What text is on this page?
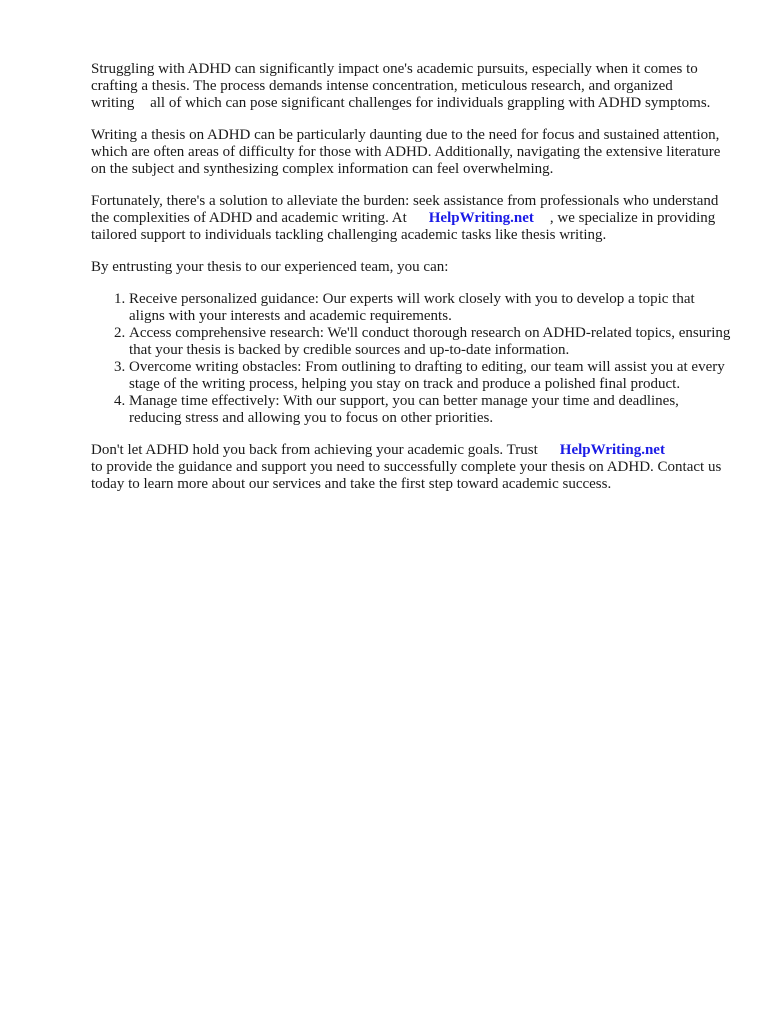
Struggling with ADHD can significantly impact one's academic pursuits, especially when it comes to crafting a thesis. The process demands intense concentration, meticulous research, and organized writing all of which can pose significant challenges for individuals grappling with ADHD symptoms.

Writing a thesis on ADHD can be particularly daunting due to the need for focus and sustained attention, which are often areas of difficulty for those with ADHD. Additionally, navigating the extensive literature on the subject and synthesizing complex information can feel overwhelming.

Fortunately, there's a solution to alleviate the burden: seek assistance from professionals who understand the complexities of ADHD and academic writing. At HelpWriting.net , we specialize in providing tailored support to individuals tackling challenging academic tasks like thesis writing.

By entrusting your thesis to our experienced team, you can:

1. Receive personalized guidance: Our experts will work closely with you to develop a topic that aligns with your interests and academic requirements.
2. Access comprehensive research: We'll conduct thorough research on ADHD-related topics, ensuring that your thesis is backed by credible sources and up-to-date information.
3. Overcome writing obstacles: From outlining to drafting to editing, our team will assist you at every stage of the writing process, helping you stay on track and produce a polished final product.
4. Manage time effectively: With our support, you can better manage your time and deadlines, reducing stress and allowing you to focus on other priorities.

Don't let ADHD hold you back from achieving your academic goals. Trust HelpWriting.net
to provide the guidance and support you need to successfully complete your thesis on ADHD. Contact us today to learn more about our services and take the first step toward academic success.
